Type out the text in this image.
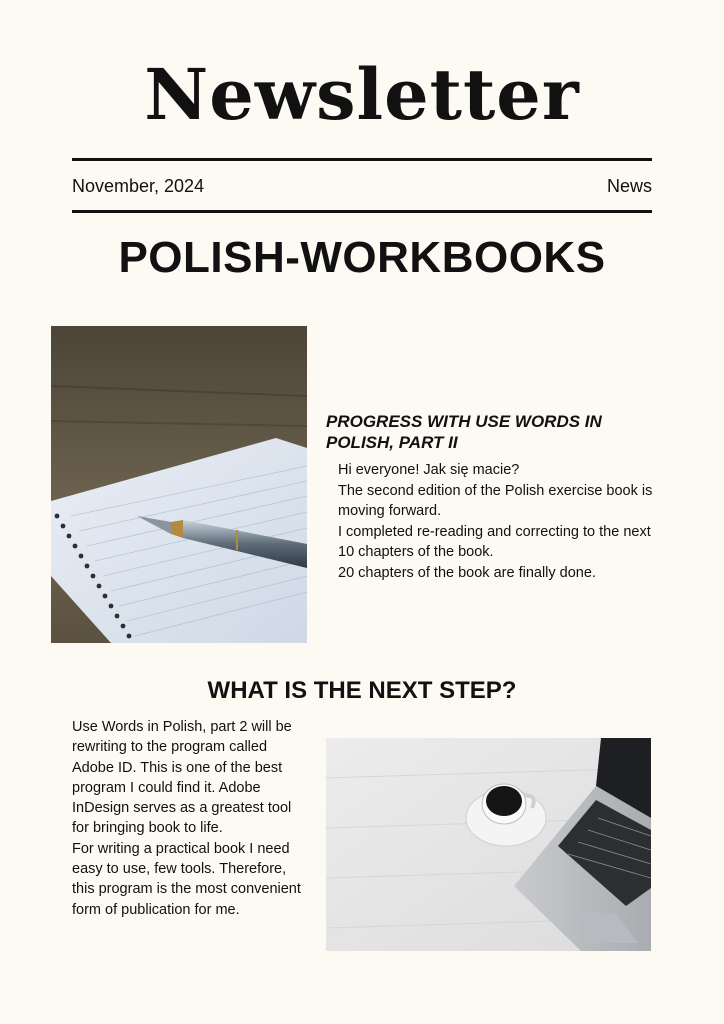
Newsletter
November, 2024	News
POLISH-WORKBOOKS
PROGRESS WITH USE WORDS IN POLISH, PART II

Hi everyone! Jak się macie?

The second edition of the Polish exercise book is moving forward.

I completed re-reading and correcting to the next 10 chapters of the book.

20 chapters of the book are finally done.

WHAT IS THE NEXT STEP?

Use Words in Polish, part 2 will be rewriting to the program called Adobe ID. This is one of the best program I could find it. Adobe InDesign serves as a greatest tool for bringing book to life.

For writing a practical book I need easy to use, few tools. Therefore, this program is the most convenient form of publication for me.
